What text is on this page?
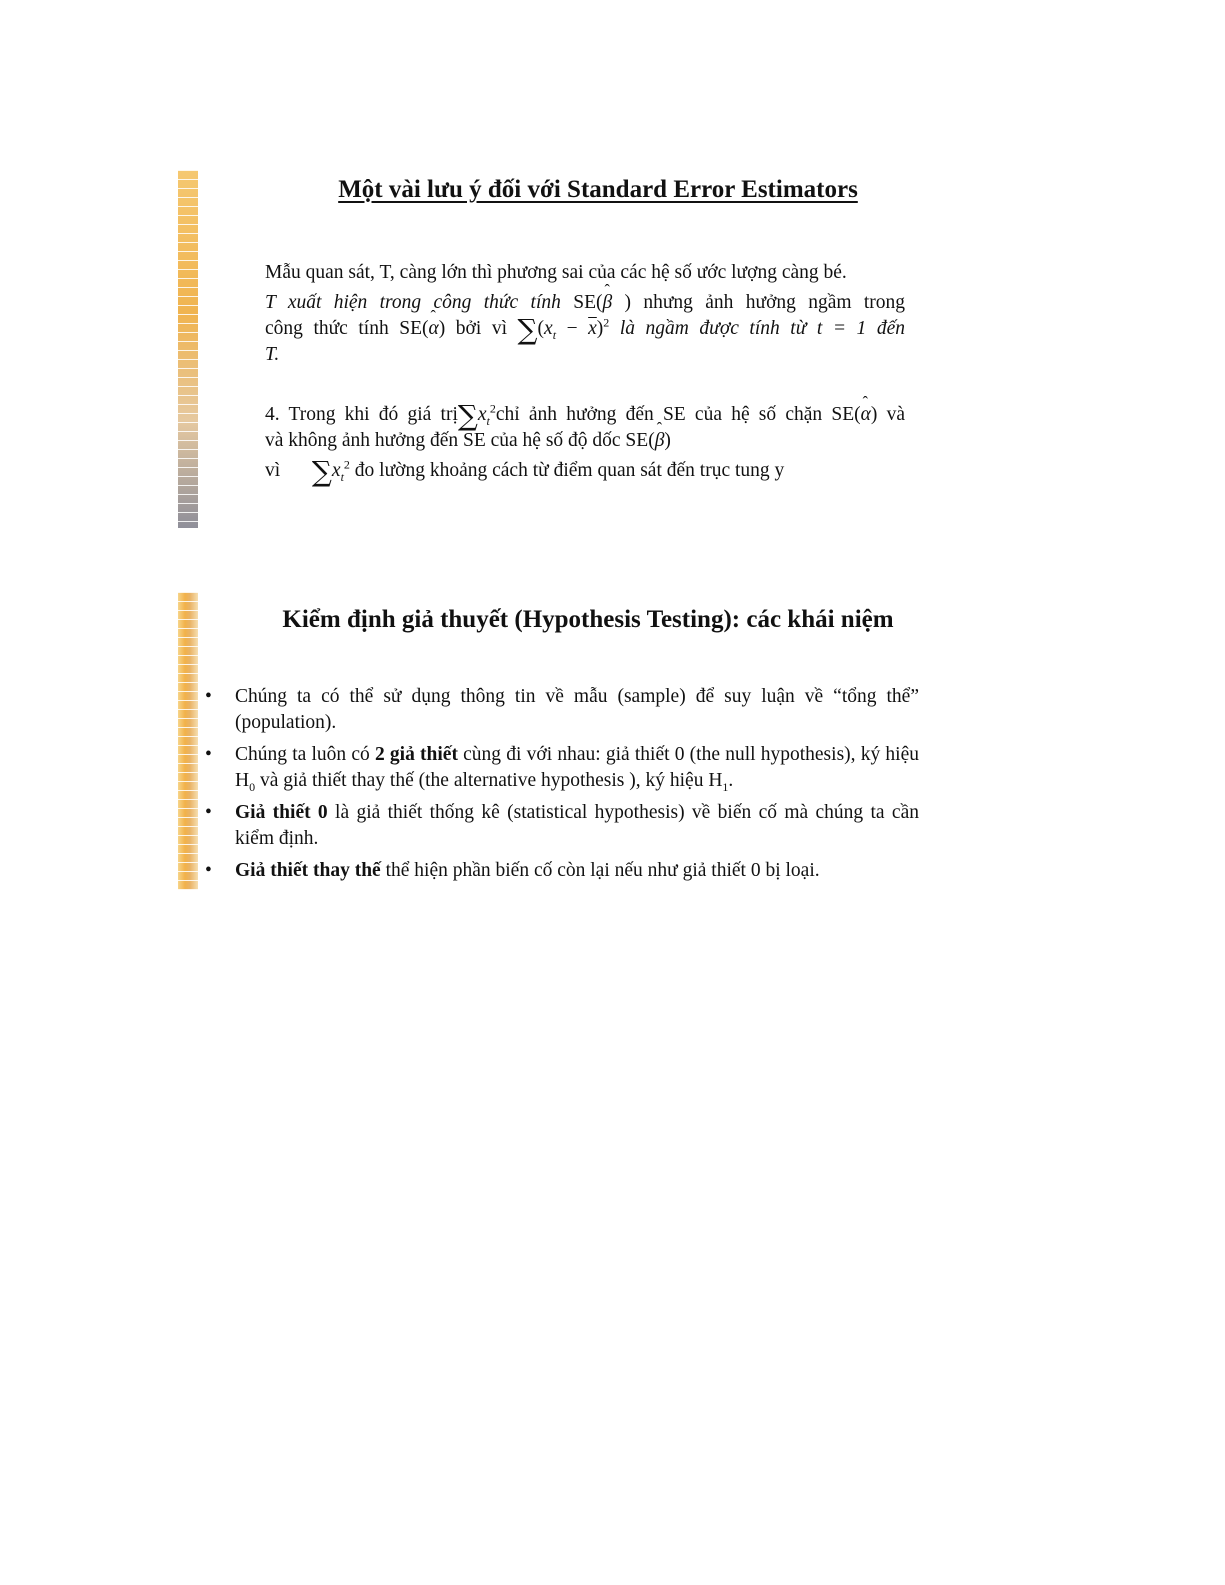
Một vài lưu ý đối với Standard Error Estimators
Mẫu quan sát, T, càng lớn thì phương sai của các hệ số ước lượng càng bé.
T xuất hiện trong công thức tính SE(ˆ β ) nhưng ảnh hưởng ngầm trong
công thức tính SE(ˆ α) bởi vì $\sum(x_t - \overline{x})^2$ là ngầm được tính từ t = 1 đến
T.
4. Trong khi đó giá $trị\sum x_t^2chỉ$ ảnh hưởng đến SE của hệ số chặn SE(ˆ α) và
và không ảnh hưởng đến SE của hệ số độ dốc SE(ˆ β)
vì $\sum x_t^2$ đo lường khoảng cách từ điểm quan sát đến trục tung y
Kiểm định giả thuyết (Hypothesis Testing): các khái niệm
• Chúng ta có thể sử dụng thông tin về mẫu (sample) để suy luận về “tổng thể” (population).
• Chúng ta luôn có 2 giả thiết cùng đi với nhau: giả thiết 0 (the null hypothesis), ký hiệu $H_0$ và giả thiết thay thế (the alternative hypothesis ), ký hiệu $H_1$.
• Giả thiết 0 là giả thiết thống kê (statistical hypothesis) về biến cố mà chúng ta cần kiểm định.
• Giả thiết thay thế thể hiện phần biến cố còn lại nếu như giả thiết 0 bị loại.
